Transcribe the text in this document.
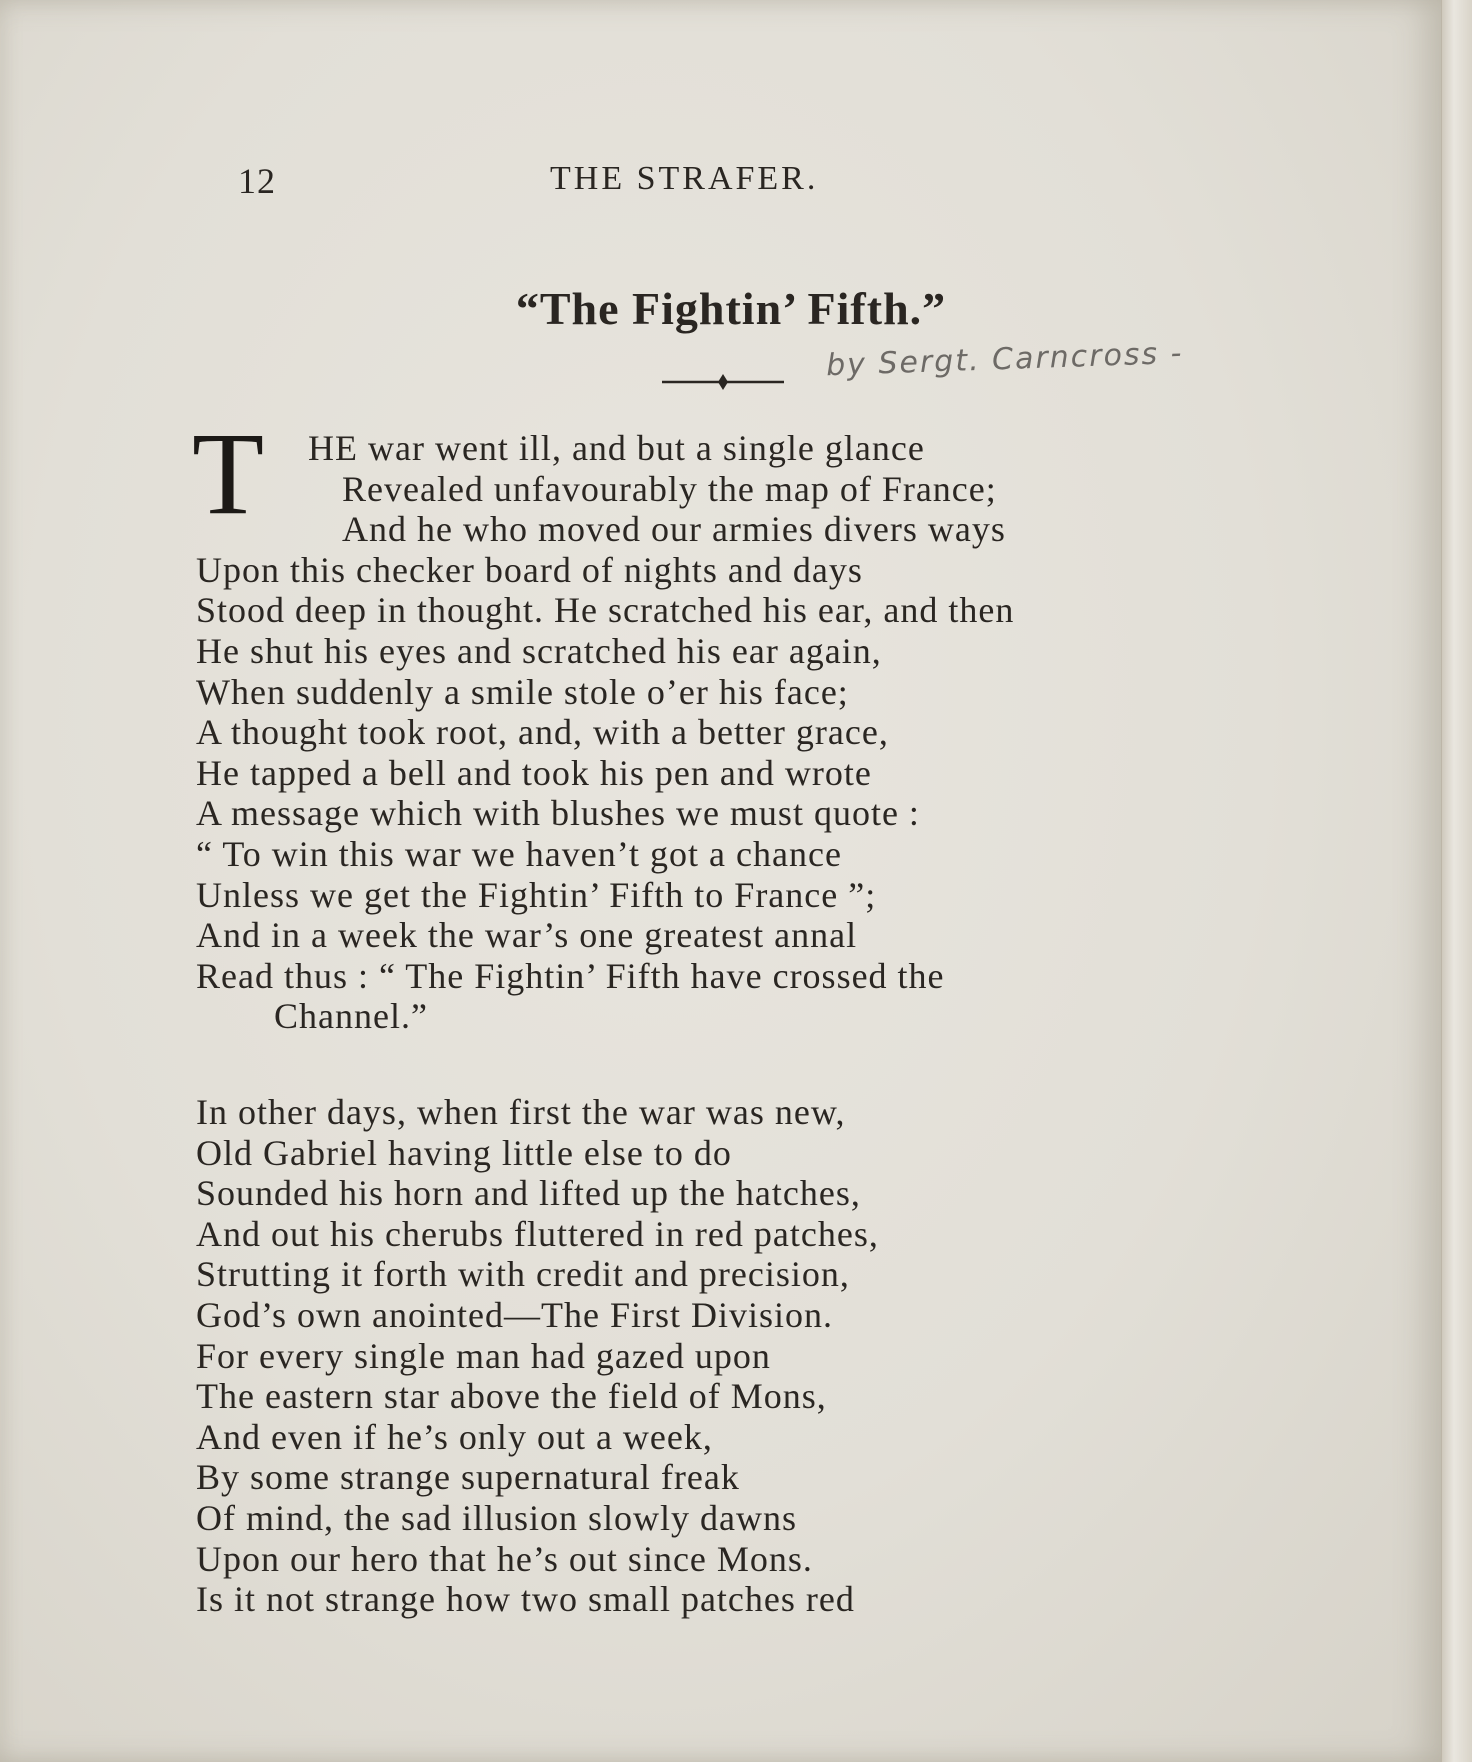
12	THE STRAFER.
“The Fightin’ Fifth.”
by Sergt. Carncross -
T	HE war went ill, and but a single glance
Revealed unfavourably the map of France;
And he who moved our armies divers ways
Upon this checker board of nights and days
Stood deep in thought. He scratched his ear, and then
He shut his eyes and scratched his ear again,
When suddenly a smile stole o’er his face;
A thought took root, and, with a better grace,
He tapped a bell and took his pen and wrote
A message which with blushes we must quote :
“ To win this war we haven’t got a chance
Unless we get the Fightin’ Fifth to France ”;
And in a week the war’s one greatest annal
Read thus : “ The Fightin’ Fifth have crossed the
Channel.”
In other days, when first the war was new,
Old Gabriel having little else to do
Sounded his horn and lifted up the hatches,
And out his cherubs fluttered in red patches,
Strutting it forth with credit and precision,
God’s own anointed—The First Division.
For every single man had gazed upon
The eastern star above the field of Mons,
And even if he’s only out a week,
By some strange supernatural freak
Of mind, the sad illusion slowly dawns
Upon our hero that he’s out since Mons.
Is it not strange how two small patches red
